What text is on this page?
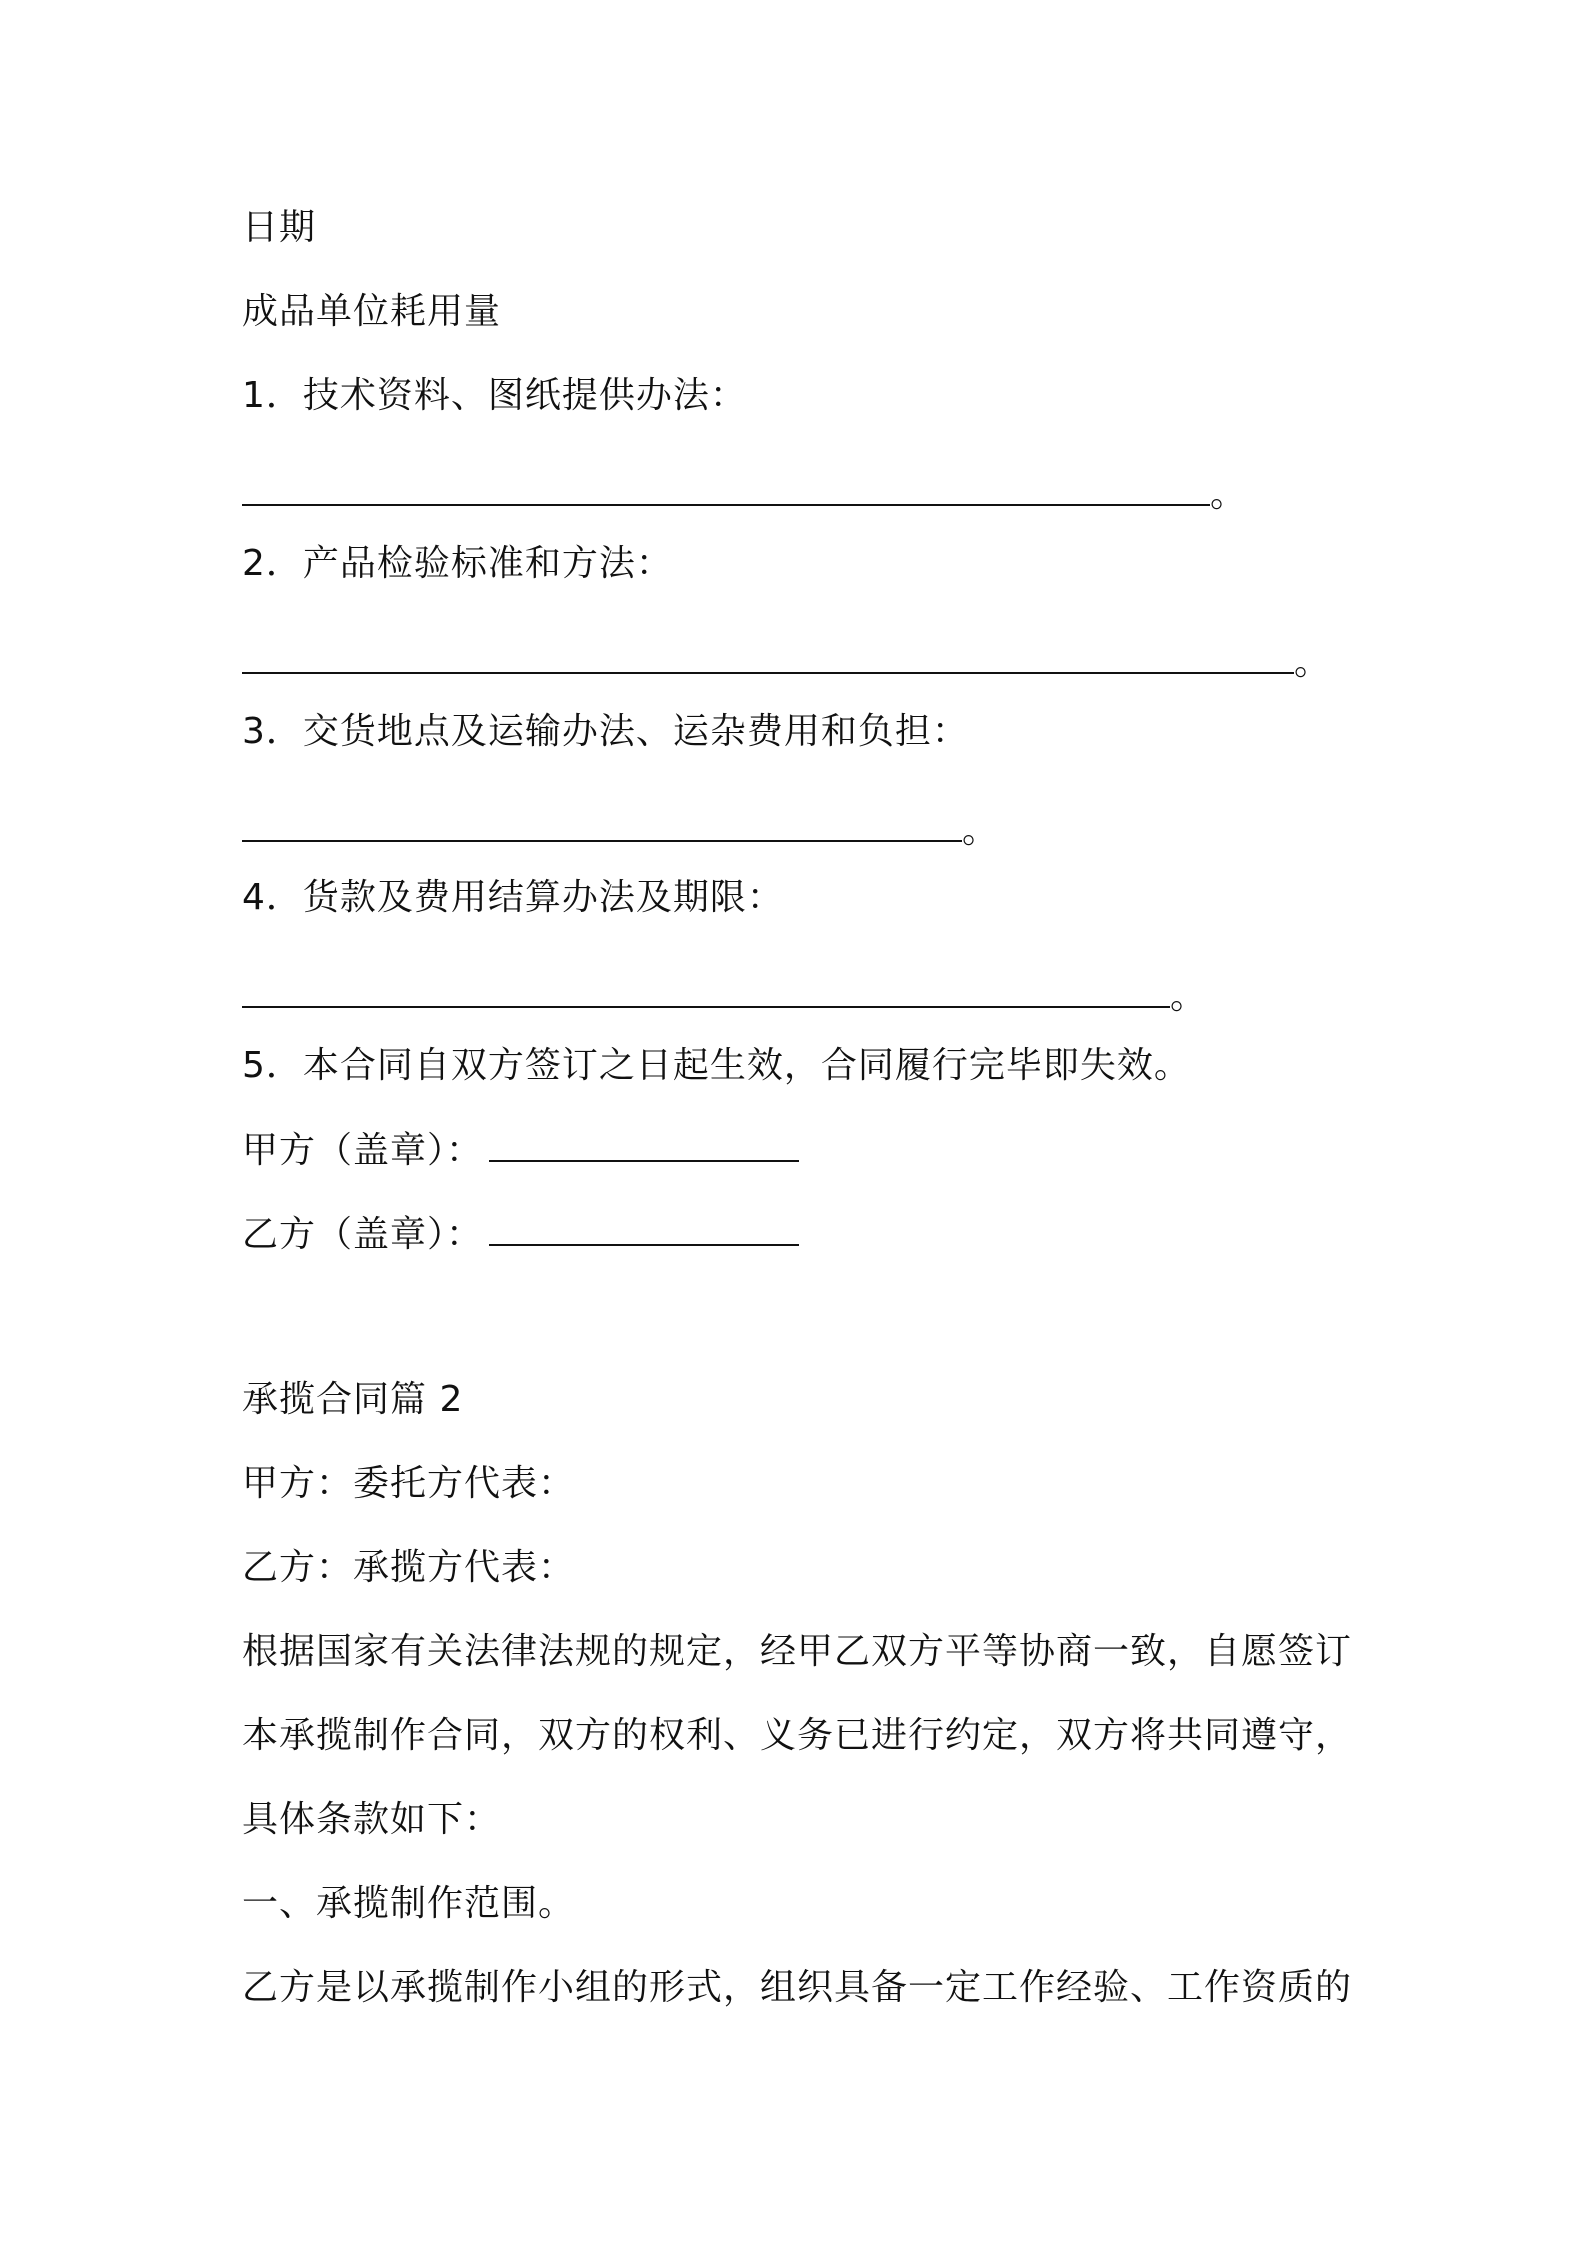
日期
成品单位耗用量
1．技术资料、图纸提供办法：
。
2．产品检验标准和方法：
。
3．交货地点及运输办法、运杂费用和负担：
。
4．货款及费用结算办法及期限：
。
5．本合同自双方签订之日起生效，合同履行完毕即失效。
甲方（盖章）：
乙方（盖章）：
承揽合同篇 2
甲方：委托方代表：
乙方：承揽方代表：
根据国家有关法律法规的规定，经甲乙双方平等协商一致，自愿签订
本承揽制作合同，双方的权利、义务已进行约定，双方将共同遵守，
具体条款如下：
一、承揽制作范围。
乙方是以承揽制作小组的形式，组织具备一定工作经验、工作资质的
